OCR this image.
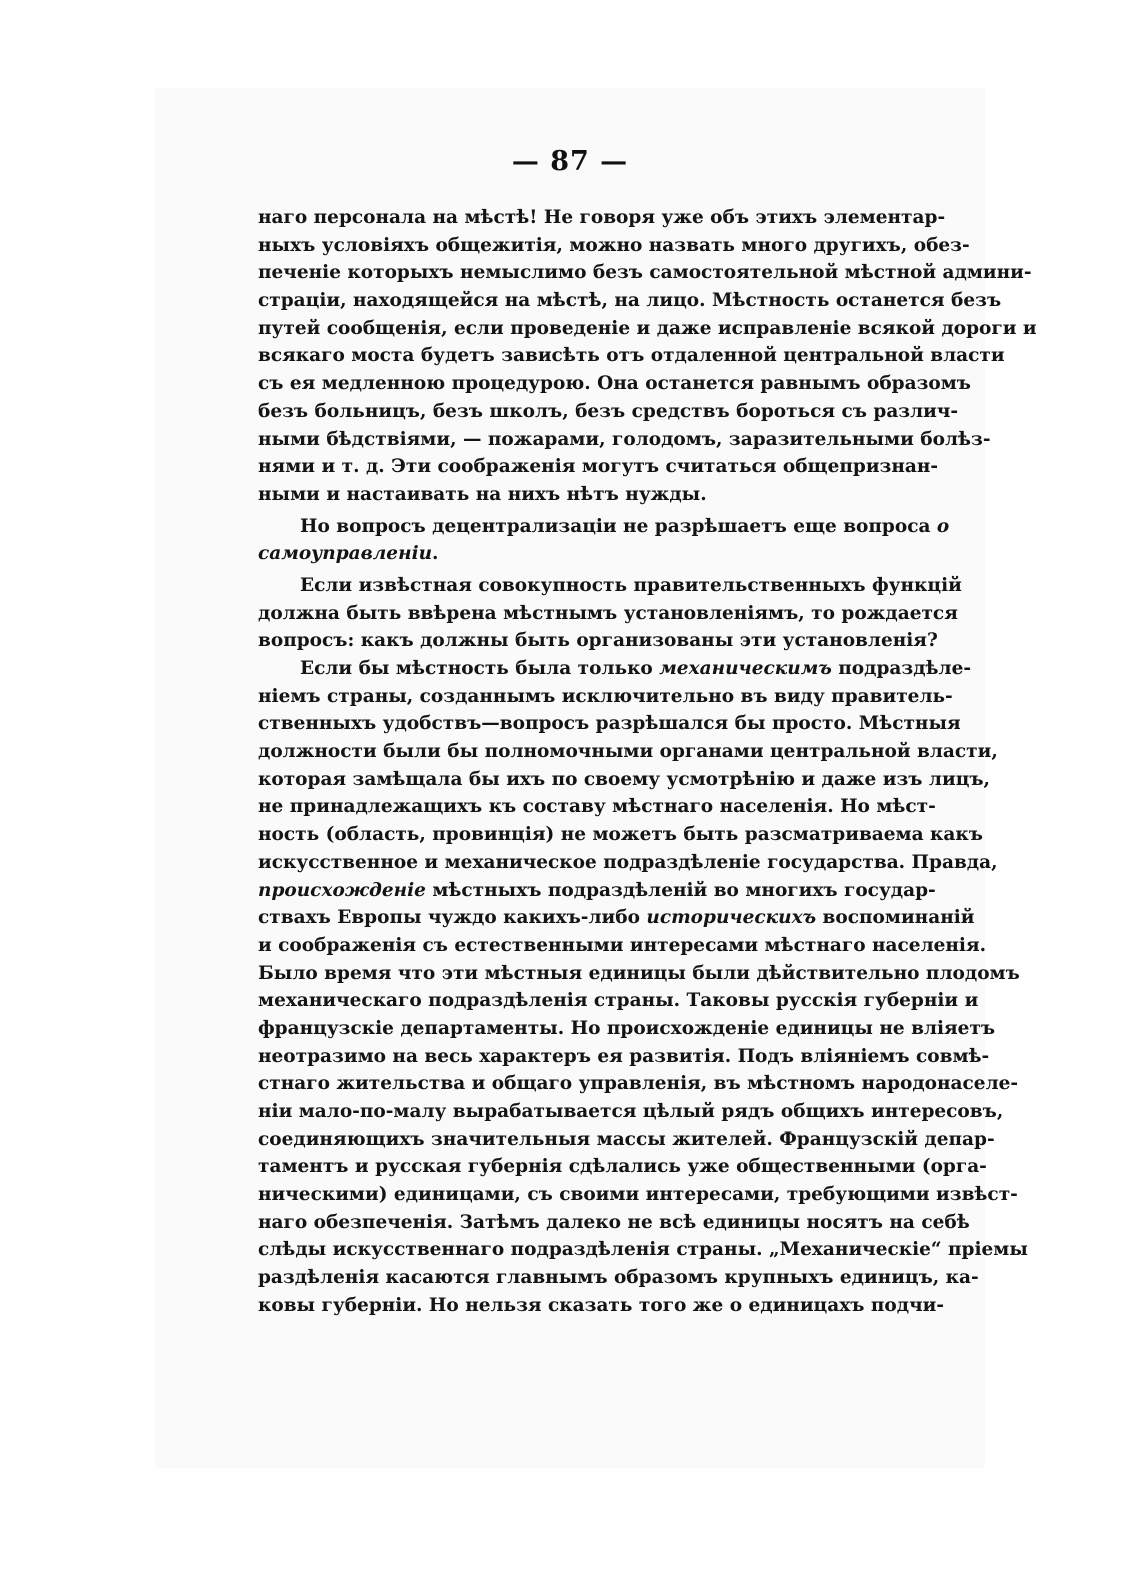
— 87 —
наго персонала на мѣстѣ! Не говоря уже объ этихъ элементар-
ныхъ условiяхъ общежитiя, можно назвать много другихъ, обез-
печенiе которыхъ немыслимо безъ самостоятельной мѣстной админи-
страцiи, находящейся на мѣстѣ, на лицо. Мѣстность останется безъ
путей сообщенiя, если проведенiе и даже исправленiе всякой дороги и
всякаго моста будетъ зависѣть отъ отдаленной центральной власти
съ ея медленною процедурою. Она останется равнымъ образомъ
безъ больницъ, безъ школъ, безъ средствъ бороться съ различ-
ными бѣдствiями, — пожарами, голодомъ, заразительными болѣз-
нями и т. д. Эти соображенiя могутъ считаться общепризнан-
ными и настаивать на нихъ нѣтъ нужды.
Но вопросъ децентрализацiи не разрѣшаетъ еще вопроса о
самоуправленiи.
Если извѣстная совокупность правительственныхъ функцiй
должна быть ввѣрена мѣстнымъ установленiямъ, то рождается
вопросъ: какъ должны быть организованы эти установленiя?
Если бы мѣстность была только механическимъ подраздѣле-
нiемъ страны, созданнымъ исключительно въ виду правитель-
ственныхъ удобствъ—вопросъ разрѣшался бы просто. Мѣстныя
должности были бы полномочными органами центральной власти,
которая замѣщала бы ихъ по своему усмотрѣнiю и даже изъ лицъ,
не принадлежащихъ къ составу мѣстнаго населенiя. Но мѣст-
ность (область, провинцiя) не можетъ быть разсматриваема какъ
искусственное и механическое подраздѣленiе государства. Правда,
происхожденiе мѣстныхъ подраздѣленiй во многихъ государ-
ствахъ Европы чуждо какихъ-либо историческихъ воспоминанiй
и соображенiя съ естественными интересами мѣстнаго населенiя.
Было время что эти мѣстныя единицы были дѣйствительно плодомъ
механическаго подраздѣленiя страны. Таковы русскiя губернiи и
французскiе департаменты. Но происхожденiе единицы не влiяетъ
неотразимо на весь характеръ ея развитiя. Подъ влiянiемъ совмѣ-
стнаго жительства и общаго управленiя, въ мѣстномъ народонаселе-
нiи мало-по-малу вырабатывается цѣлый рядъ общихъ интересовъ,
соединяющихъ значительныя массы жителей. Французскiй депар-
таментъ и русская губернiя сдѣлались уже общественными (орга-
ническими) единицами, съ своими интересами, требующими извѣст-
наго обезпеченiя. Затѣмъ далеко не всѣ единицы носятъ на себѣ
слѣды искусственнаго подраздѣленiя страны. „Механическiе“ прiемы
раздѣленiя касаются главнымъ образомъ крупныхъ единицъ, ка-
ковы губернiи. Но нельзя сказать того же о единицахъ подчи-
